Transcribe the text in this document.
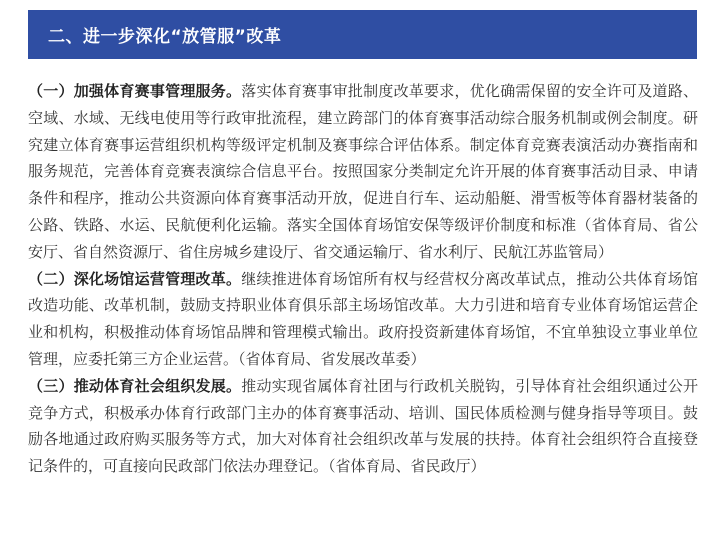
二、进一步深化“放管服”改革

（一）加强体育赛事管理服务。落实体育赛事审批制度改革要求，优化确需保留的安全许可及道路、空域、水域、无线电使用等行政审批流程，建立跨部门的体育赛事活动综合服务机制或例会制度。研究建立体育赛事运营组织机构等级评定机制及赛事综合评估体系。制定体育竞赛表演活动办赛指南和服务规范，完善体育竞赛表演综合信息平台。按照国家分类制定允许开展的体育赛事活动目录、申请条件和程序，推动公共资源向体育赛事活动开放，促进自行车、运动船艇、滑雪板等体育器材装备的公路、铁路、水运、民航便利化运输。落实全国体育场馆安保等级评价制度和标准（省体育局、省公安厅、省自然资源厅、省住房城乡建设厅、省交通运输厅、省水利厅、民航江苏监管局）

（二）深化场馆运营管理改革。继续推进体育场馆所有权与经营权分离改革试点，推动公共体育场馆改造功能、改革机制，鼓励支持职业体育俱乐部主场场馆改革。大力引进和培育专业体育场馆运营企业和机构，积极推动体育场馆品牌和管理模式输出。政府投资新建体育场馆，不宜单独设立事业单位管理，应委托第三方企业运营。（省体育局、省发展改革委）

（三）推动体育社会组织发展。推动实现省属体育社团与行政机关脱钩，引导体育社会组织通过公开竞争方式，积极承办体育行政部门主办的体育赛事活动、培训、国民体质检测与健身指导等项目。鼓励各地通过政府购买服务等方式，加大对体育社会组织改革与发展的扶持。体育社会组织符合直接登记条件的，可直接向民政部门依法办理登记。（省体育局、省民政厅）
